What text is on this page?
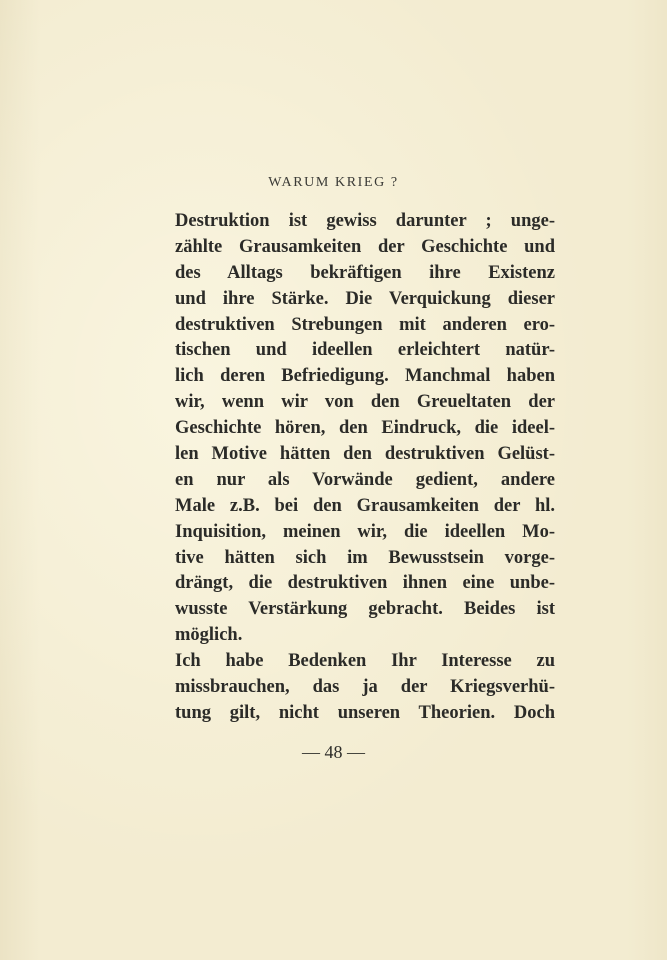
WARUM KRIEG ?
Destruktion ist gewiss darunter ; unge-
zählte Grausamkeiten der Geschichte und
des Alltags bekräftigen ihre Existenz
und ihre Stärke. Die Verquickung dieser
destruktiven Strebungen mit anderen ero-
tischen und ideellen erleichtert natür-
lich deren Befriedigung. Manchmal haben
wir, wenn wir von den Greueltaten der
Geschichte hören, den Eindruck, die ideel-
len Motive hätten den destruktiven Gelüst-
en nur als Vorwände gedient, andere
Male z.B. bei den Grausamkeiten der hl.
Inquisition, meinen wir, die ideellen Mo-
tive hätten sich im Bewusstsein vorge-
drängt, die destruktiven ihnen eine unbe-
wusste Verstärkung gebracht. Beides ist
möglich.
Ich habe Bedenken Ihr Interesse zu
missbrauchen, das ja der Kriegsverhü-
tung gilt, nicht unseren Theorien. Doch
— 48 —
